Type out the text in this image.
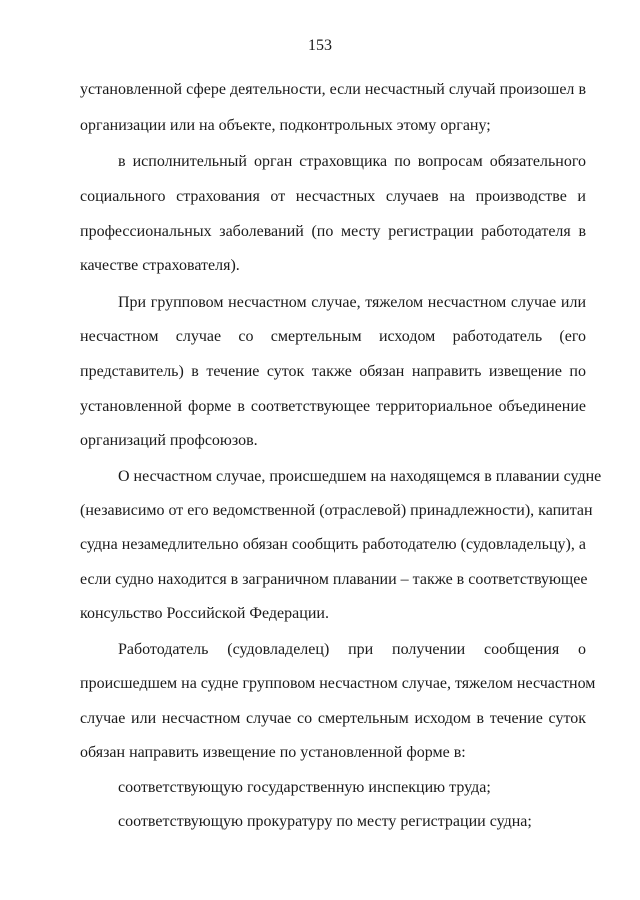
153
установленной сфере деятельности, если несчастный случай произошел в
организации или на объекте, подконтрольных этому органу;
в исполнительный орган страховщика по вопросам обязательного
социального страхования от несчастных случаев на производстве и
профессиональных заболеваний (по месту регистрации работодателя в
качестве страхователя).
При групповом несчастном случае, тяжелом несчастном случае или
несчастном случае со смертельным исходом работодатель (его
представитель) в течение суток также обязан направить извещение по
установленной форме в соответствующее территориальное объединение
организаций профсоюзов.
О несчастном случае, происшедшем на находящемся в плавании судне
(независимо от его ведомственной (отраслевой) принадлежности), капитан
судна незамедлительно обязан сообщить работодателю (судовладельцу), а
если судно находится в заграничном плавании – также в соответствующее
консульство Российской Федерации.
Работодатель (судовладелец) при получении сообщения о
происшедшем на судне групповом несчастном случае, тяжелом несчастном
случае или несчастном случае со смертельным исходом в течение суток
обязан направить извещение по установленной форме в:
соответствующую государственную инспекцию труда;
соответствующую прокуратуру по месту регистрации судна;
